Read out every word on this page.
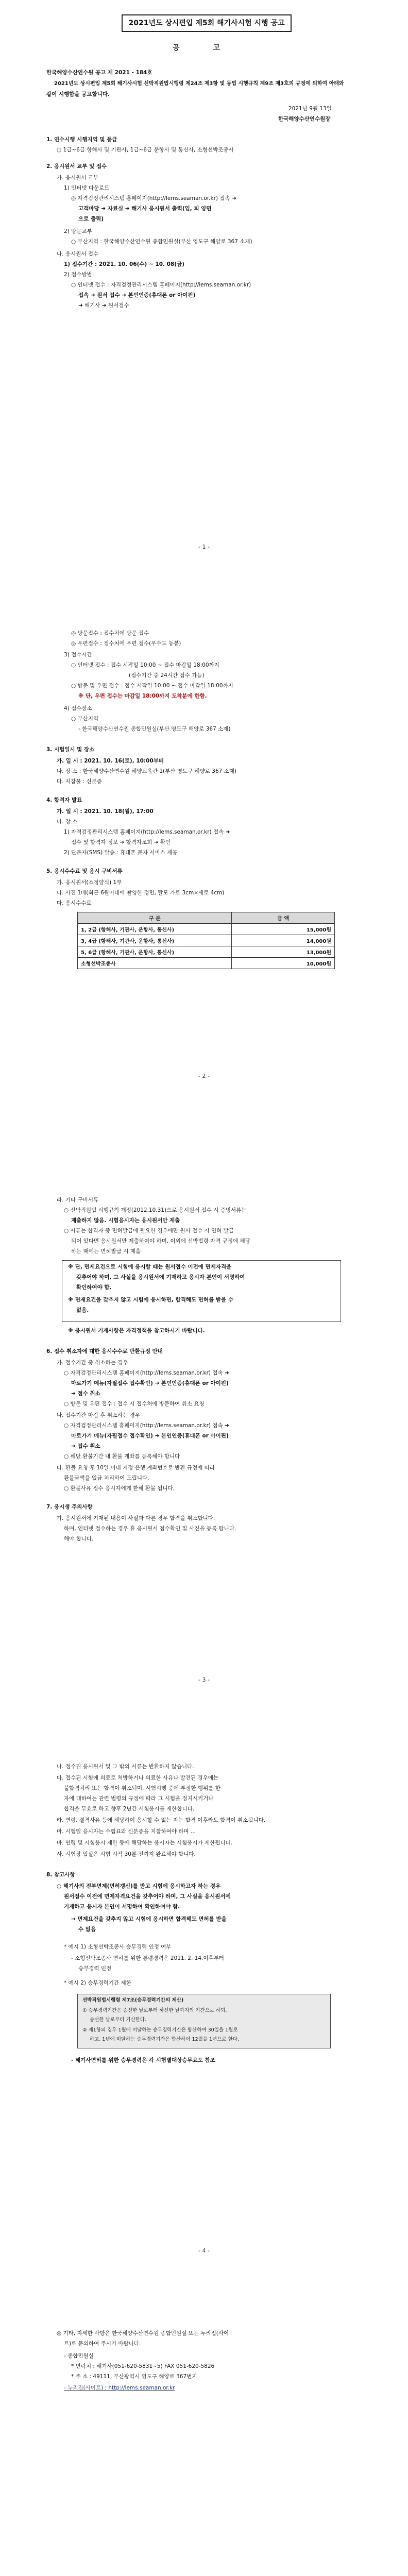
2021년도 상시편입 제5회 해기사시험 시행 공고
공 고
한국해양수산연수원 공고 제 2021 - 184호
2021년도 상시편입 제5회 해기사시험 선박직원법시행령 제24조 제3항 및 동법 시행규칙 제9조 제3호의 규정에 의하여 아래와
같이 시행함을 공고합니다.
2021년 9월 13일
한국해양수산연수원장
1. 연수시행 시행지역 및 등급
○ 1급~6급 항해사 및 기관사, 1급~6급 운항사 및 통신사, 소형선박조종사
2. 응시원서 교부 및 접수
가. 응시원서 교부
1) 인터넷 다운로드
◎ 자격검정관리시스템 홈페이지(http://lems.seaman.or.kr) 접속 ➜
고객마당 ➜ 자료실 ➜ 해기사 응시원서 출력(입, 퇴 양면
으로 출력)
2) 방문교부
○ 부산지역 : 한국해양수산연수원 종합민원실(부산 영도구 해양로 367 소재)
나. 응시원서 접수
1) 접수기간 : 2021. 10. 06(수) ~ 10. 08(금)
2) 접수방법
○ 인터넷 접수 : 자격검정관리시스템 홈페이지(http://lems.seaman.or.kr)
접속 ➜ 원서 접수 ➜ 본인인증(휴대폰 or 아이핀)
➜ 해기사 ➜ 원서접수
- 1 -
◎ 방문접수 : 접수처에 방문 접수
◎ 우편접수 : 접수처에 우편 접수(우수도 동봉)
3) 접수시간
○ 인터넷 접수 : 접수 시작일 10:00 ~ 접수 마감일 18:00까지
(접수기간 중 24시간 접수 가능)
○ 방문 및 우편 접수 : 접수 시작일 10:00 ~ 접수 마감일 18:00까지
※ 단, 우편 접수는 마감일 18:00까지 도착분에 한함.
4) 접수장소
○ 부산지역
- 한국해양수산연수원 종합민원실(부산 영도구 해양로 367 소재)
3. 시험일시 및 장소
가. 일 시 : 2021. 10. 16(토), 10:00부터
나. 장 소 : 한국해양수산연수원 해양교육관 1(부산 영도구 해양로 367 소재)
다. 지참물 : 신분증
4. 합격자 발표
가. 일 시 : 2021. 10. 18(월), 17:00
나. 장 소
1) 자격검정관리시스템 홈페이지(http://lems.seaman.or.kr) 접속 ➜
접수 및 합격자 정보 ➜ 합격자조회 ➜ 확인
2) 단문자(SMS) 발송 : 휴대폰 문자 서비스 제공
5. 응시수수료 및 응시 구비서류
가. 응시원서(소정양식) 1부
나. 사진 1매(최근 6월이내에 촬영한 정면, 탈모 가로 3cm×세로 4cm)
다. 응시수수료
구 분	금 액
1, 2급 (항해사, 기관사, 운항사, 통신사)	15,000원
3, 4급 (항해사, 기관사, 운항사, 통신사)	14,000원
5, 6급 (항해사, 기관사, 운항사, 통신사)	13,000원
소형선박조종사	10,000원
- 2 -
라. 기타 구비서류
○ 선박직원법 시행규칙 개정(2012.10.31)으로 응시원서 접수 시 증빙서류는
제출하지 않음. 시험응시자는 응시원서만 제출
○ 서류는 합격자 중 면허발급에 필요한 경우에만 원서 접수 시 면허 발급
되어 있다면 응시원서만 제출하여야 하며, 이외에 선박법령 자격 규정에 해당
하는 때에는 면허발급 시 제출
※ 단, 면제요건으로 시험에 응시할 때는 원서접수 이전에 면제자격을
갖추어야 하며, 그 사실을 응시원서에 기재하고 응시자 본인이 서명하여
확인하여야 함.
※ 면제요건을 갖추지 않고 시험에 응시하면, 합격해도 면허를 받을 수
없음.
※ 응시원서 기재사항은 자격정책을 참고하시기 바랍니다.
6. 접수 취소자에 대한 응시수수료 반환규정 안내
가. 접수기간 중 취소하는 경우
○ 자격검정관리시스템 홈페이지(http://lems.seaman.or.kr) 접속 ➜
마로가기 메뉴(자필접수 접수확인) ➜ 본인인증(휴대폰 or 아이핀)
➜ 접수 취소
○ 방문 및 우편 접수 : 접수 시 접수처에 방문하여 취소 요청
나. 접수기간 마감 후 취소하는 경우
○ 자격검정관리시스템 홈페이지(http://lems.seaman.or.kr) 접속 ➜
마로가기 메뉴(자필접수 접수확인) ➜ 본인인증(휴대폰 or 아이핀)
➜ 접수 취소
○ 해당 환불기간 내 환불 계좌를 등록해야 합니다
다. 환불 요청 후 10일 이내 지정 은행 계좌번호로 반환 규정에 따라
환불금액을 입금 처리하여 드립니다.
○ 환불사유 접수 응시자에게 한해 환불 됩니다.
7. 응시생 주의사항
가. 응시원서에 기재된 내용이 사실과 다른 경우 합격을 취소합니다.
하며, 인터넷 접수하는 경우 휴 응시원서 접수확인 및 사진을 등록 합니다.
해야 합니다.
- 3 -
나. 접수된 응시원서 및 그 밖의 서류는 반환하지 않습니다.
다. 접수된 시험에 의료로 처방하거나 의료한 사유나 발견된 경우에는
불합격처리 또는 합격이 취소되며, 시험시행 중에 부정한 행위를 한
자에 대하여는 관련 법령의 규정에 따라 그 시험을 정지시키거나
합격을 무효로 하고 향후 2년간 시험응시를 제한합니다.
라. 연령, 결격사유 등에 해당하여 응시할 수 없는 자는 합격 이후라도 합격이 취소됩니다.
마. 시험일 응시자는 수험표와 신분증을 지참하여야 하며 ...
바. 연령 및 시험응시 제한 등에 해당하는 응시자는 시험응시가 제한됩니다.
사. 시험장 입실은 시험 시작 30분 전까지 완료해야 합니다.
8. 참고사항
○ 해기사의 전부면제(면허갱신)를 받고 시험에 응시하고자 하는 경우
원서접수 이전에 면제자격요건을 갖추어야 하며, 그 사실을 응시원서에
기재하고 응시자 본인이 서명하여 확인하여야 함.
→ 면제요건을 갖추지 않고 시험에 응시하면 합격해도 면허를 받을
수 없음
* 예시 1) 소형선박조종사 승무경력 인정 여부
- 소형선박조종사 면허를 위한 통령경력은 2011. 2. 14.이후부터
승무경력 인정
* 예시 2) 승무경력기간 제한
선박직원법시행령 제7조(승무경력기간의 제산)
① 승무경력기간은 승선한 날로부터 하선한 날까지의 기간으로 하되,
승선한 날로부터 기산한다.
② 제1항의 경우 1월에 미달하는 승무경력기간은 합산하여 30일을 1월로
하고, 1년에 미달하는 승무경력기간은 합산하여 12월을 1년으로 한다.
- 해기사면허를 위한 승무경력은 각 시험별대상승무요도 참조
- 4 -
◎ 기타, 자세한 사항은 한국해양수산연수원 종합민원실 또는 누리집(사이
트)로 문의하여 주시기 바랍니다.
- 종합민원실
* 연락처 : 해기사(051-620-5831~5) FAX 051-620-5826
* 주 소 : 49111, 부산광역시 영도구 해양로 367번지
- 누리집(사이트) : http://lems.seaman.or.kr
